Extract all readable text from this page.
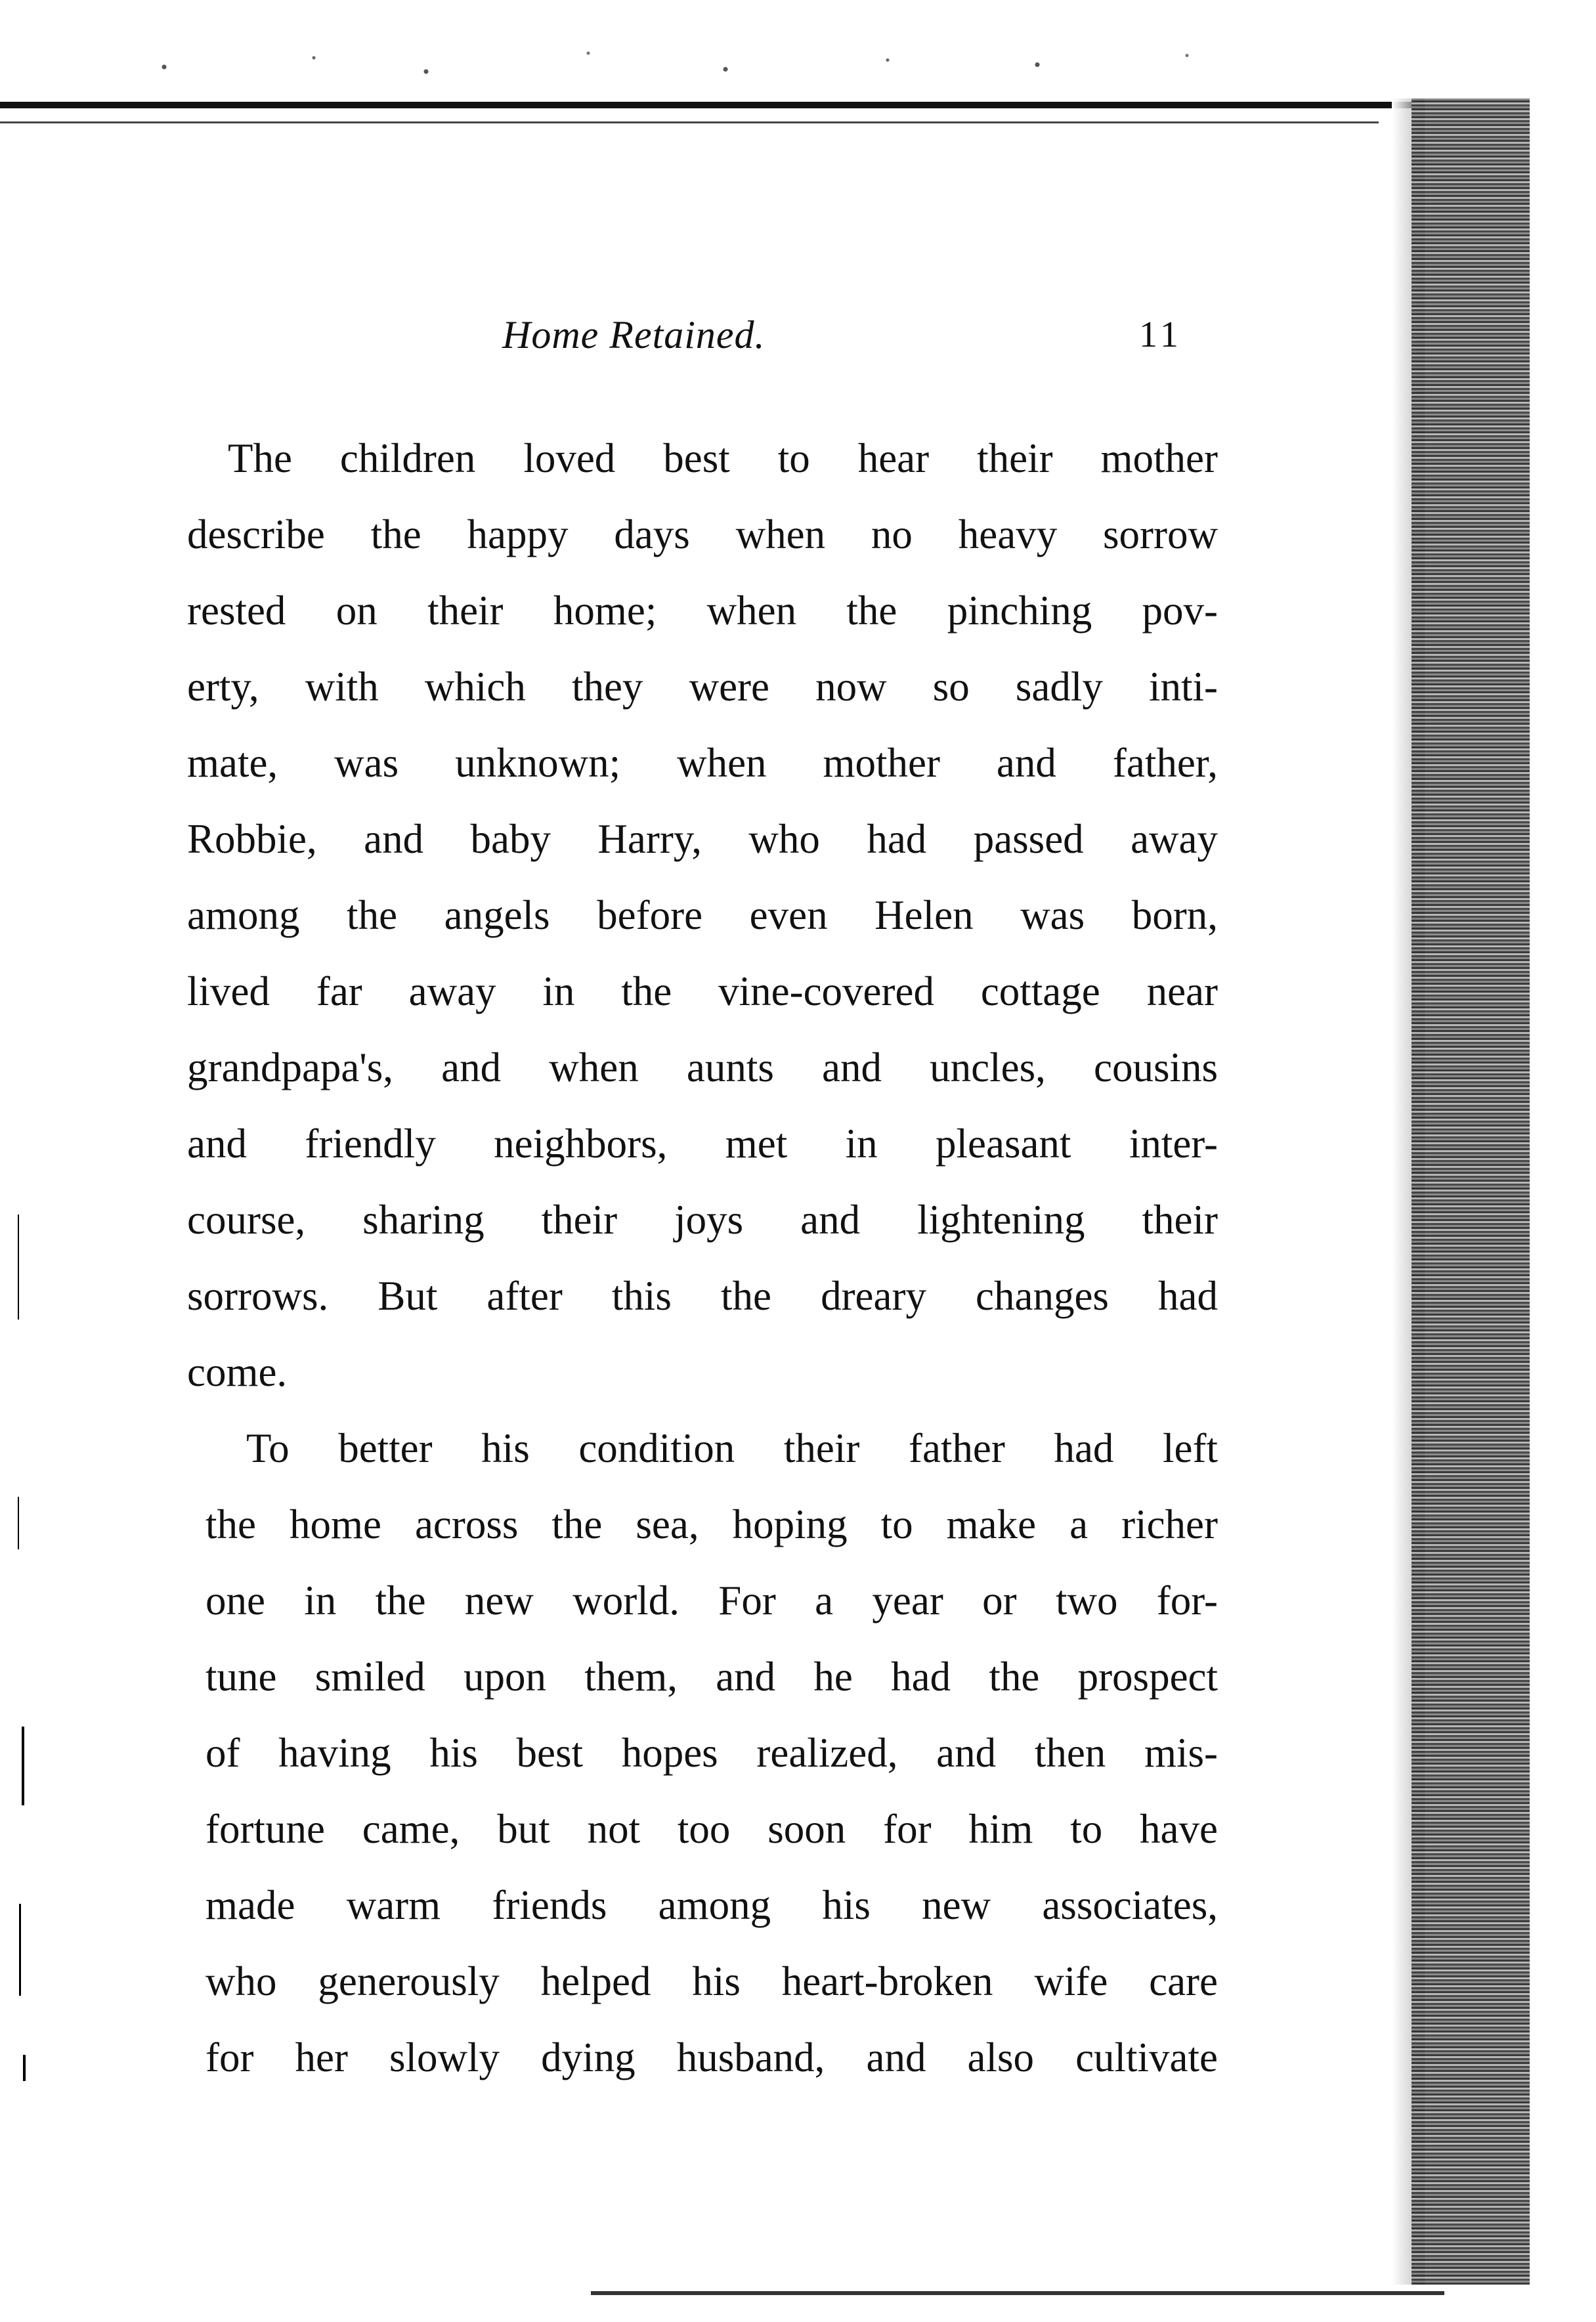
Home Retained.	11

The children loved best to hear their mother
describe the happy days when no heavy sorrow
rested on their home; when the pinching pov-
erty, with which they were now so sadly inti-
mate, was unknown; when mother and father,
Robbie, and baby Harry, who had passed away
among the angels before even Helen was born,
lived far away in the vine-covered cottage near
grandpapa's, and when aunts and uncles, cousins
and friendly neighbors, met in pleasant inter-
course, sharing their joys and lightening their
sorrows. But after this the dreary changes had
come.

To better his condition their father had left
the home across the sea, hoping to make a richer
one in the new world. For a year or two for-
tune smiled upon them, and he had the prospect
of having his best hopes realized, and then mis-
fortune came, but not too soon for him to have
made warm friends among his new associates,
who generously helped his heart-broken wife care
for her slowly dying husband, and also cultivate
